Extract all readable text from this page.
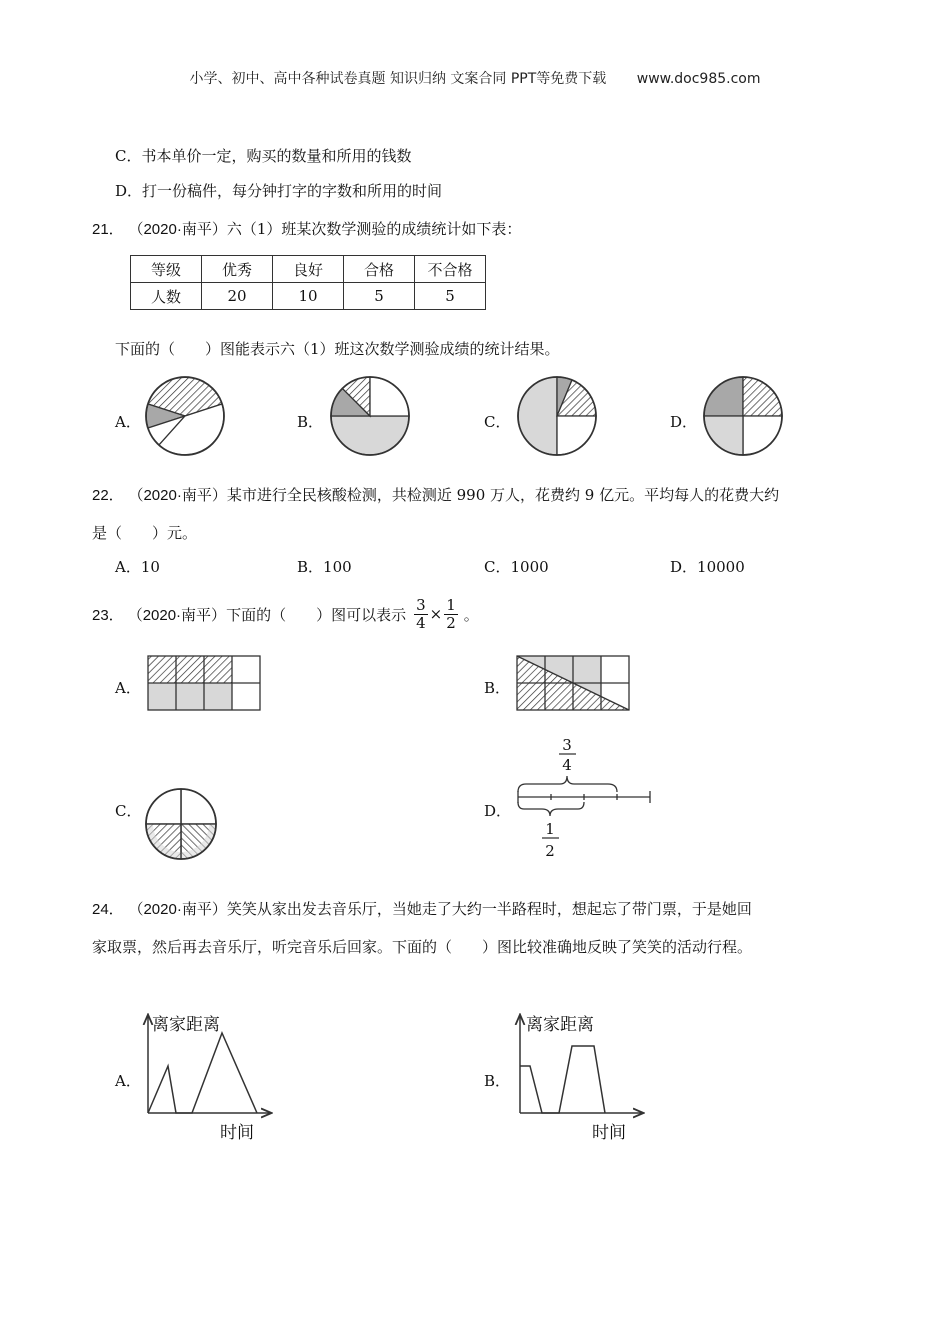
小学、初中、高中各种试卷真题 知识归纳 文案合同 PPT等免费下载 www.doc985.com
C．书本单价一定，购买的数量和所用的钱数
D．打一份稿件，每分钟打字的字数和所用的时间
21． （2020·南平）六（1）班某次数学测验的成绩统计如下表：
等级	优秀	良好	合格	不合格
人数	20	10	5	5
下面的（　　）图能表示六（1）班这次数学测验成绩的统计结果。
A．	B．	C．	D．
22． （2020·南平）某市进行全民核酸检测，共检测近 990 万人，花费约 9 亿元。平均每人的花费大约
是（　　）元。
A．10	B．100	C．1000	D．10000
23． （2020·南平） 下面的（　　）图可以表示 $\frac{3}{4} \times \frac{1}{2}$ 。
A．	B．
C．	D．
3
4
1
2
24． （2020·南平）笑笑从家出发去音乐厅，当她走了大约一半路程时，想起忘了带门票，于是她回
家取票，然后再去音乐厅，听完音乐后回家。下面的（　　）图比较准确地反映了笑笑的活动行程。
A．	B．
离家距离
时间
离家距离
时间
